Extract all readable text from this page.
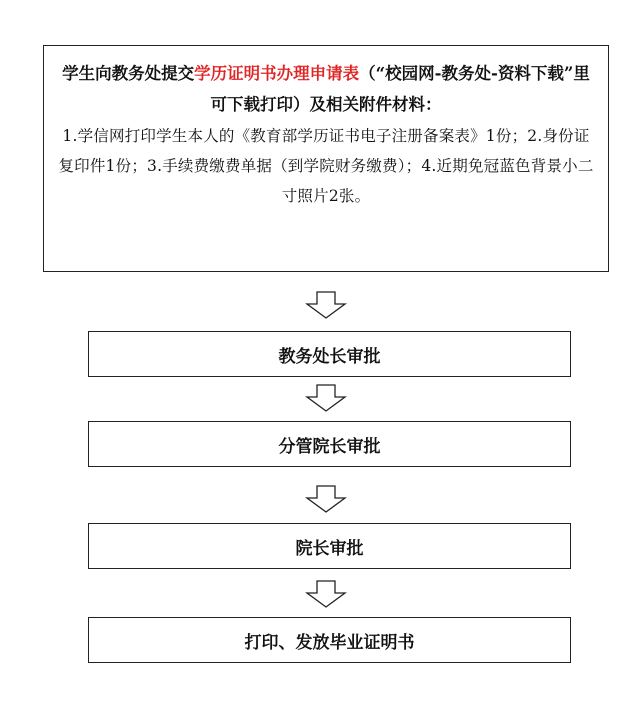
学生向教务处提交学历证明书办理申请表（“校园网-教务处-资料下载”里可下载打印）及相关附件材料：
1.学信网打印学生本人的《教育部学历证书电子注册备案表》1份；2.身份证复印件1份；3.手续费缴费单据（到学院财务缴费）；4.近期免冠蓝色背景小二寸照片2张。
教务处长审批
分管院长审批
院长审批
打印、发放毕业证明书
